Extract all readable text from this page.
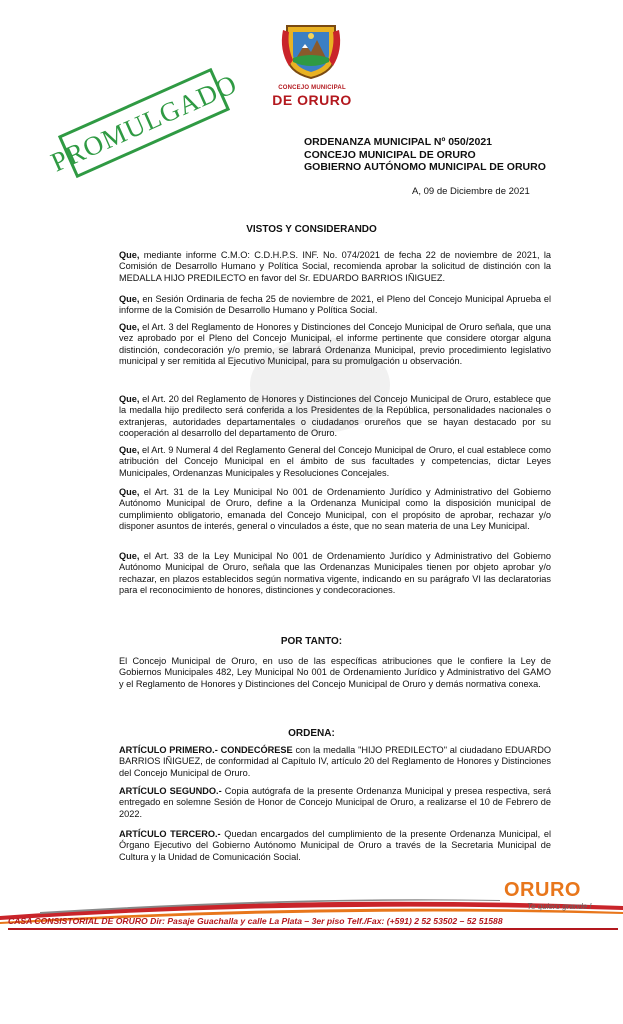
CONCEJO MUNICIPAL
DE ORURO
PROMULGADO	ORDENANZA MUNICIPAL Nº 050/2021
CONCEJO MUNICIPAL DE ORURO
GOBIERNO AUTÓNOMO MUNICIPAL DE ORURO
A, 09 de Diciembre de 2021
VISTOS Y CONSIDERANDO
Que, mediante informe C.M.O: C.D.H.P.S. INF. No. 074/2021 de fecha 22 de noviembre de 2021, la Comisión de Desarrollo Humano y Política Social, recomienda aprobar la solicitud de distinción con la MEDALLA HIJO PREDILECTO en favor del Sr. EDUARDO BARRIOS IÑIGUEZ.
Que, en Sesión Ordinaria de fecha 25 de noviembre de 2021, el Pleno del Concejo Municipal Aprueba el informe de la Comisión de Desarrollo Humano y Política Social.
Que, el Art. 3 del Reglamento de Honores y Distinciones del Concejo Municipal de Oruro señala, que una vez aprobado por el Pleno del Concejo Municipal, el informe pertinente que considere otorgar alguna distinción, condecoración y/o premio, se labrará Ordenanza Municipal, previo procedimiento legislativo municipal y ser remitida al Ejecutivo Municipal, para su promulgación u observación.
Que, el Art. 20 del Reglamento de Honores y Distinciones del Concejo Municipal de Oruro, establece que la medalla hijo predilecto será conferida a los Presidentes de la República, personalidades nacionales o extranjeras, autoridades departamentales o ciudadanos orureños que se hayan destacado por su cooperación al desarrollo del departamento de Oruro.
Que, el Art. 9 Numeral 4 del Reglamento General del Concejo Municipal de Oruro, el cual establece como atribución del Concejo Municipal en el ámbito de sus facultades y competencias, dictar Leyes Municipales, Ordenanzas Municipales y Resoluciones Concejales.
Que, el Art. 31 de la Ley Municipal No 001 de Ordenamiento Jurídico y Administrativo del Gobierno Autónomo Municipal de Oruro, define a la Ordenanza Municipal como la disposición municipal de cumplimiento obligatorio, emanada del Concejo Municipal, con el propósito de aprobar, rechazar y/o disponer asuntos de interés, general o vinculados a éste, que no sean materia de una Ley Municipal.
Que, el Art. 33 de la Ley Municipal No 001 de Ordenamiento Jurídico y Administrativo del Gobierno Autónomo Municipal de Oruro, señala que las Ordenanzas Municipales tienen por objeto aprobar y/o rechazar, en plazos establecidos según normativa vigente, indicando en su parágrafo VI las declaratorias para el reconocimiento de honores, distinciones y condecoraciones.
POR TANTO:
El Concejo Municipal de Oruro, en uso de las específicas atribuciones que le confiere la Ley de Gobiernos Municipales 482, Ley Municipal No 001 de Ordenamiento Jurídico y Administrativo del GAMO y el Reglamento de Honores y Distinciones del Concejo Municipal de Oruro y demás normativa conexa.
ORDENA:
ARTÍCULO PRIMERO.- CONDECÓRESE con la medalla "HIJO PREDILECTO" al ciudadano EDUARDO BARRIOS IÑIGUEZ, de conformidad al Capítulo IV, artículo 20 del Reglamento de Honores y Distinciones del Concejo Municipal de Oruro.
ARTÍCULO SEGUNDO.- Copia autógrafa de la presente Ordenanza Municipal y presea respectiva, será entregado en solemne Sesión de Honor de Concejo Municipal de Oruro, a realizarse el 10 de Febrero de 2022.
ARTÍCULO TERCERO.- Quedan encargados del cumplimiento de la presente Ordenanza Municipal, el Órgano Ejecutivo del Gobierno Autónomo Municipal de Oruro a través de la Secretaria Municipal de Cultura y la Unidad de Comunicación Social.
ORURO
Te quiero grande !
CASA CONSISTORIAL DE ORURO Dir: Pasaje Guachalla y calle La Plata – 3er piso Telf./Fax: (+591) 2 52 53502 – 52 51588
